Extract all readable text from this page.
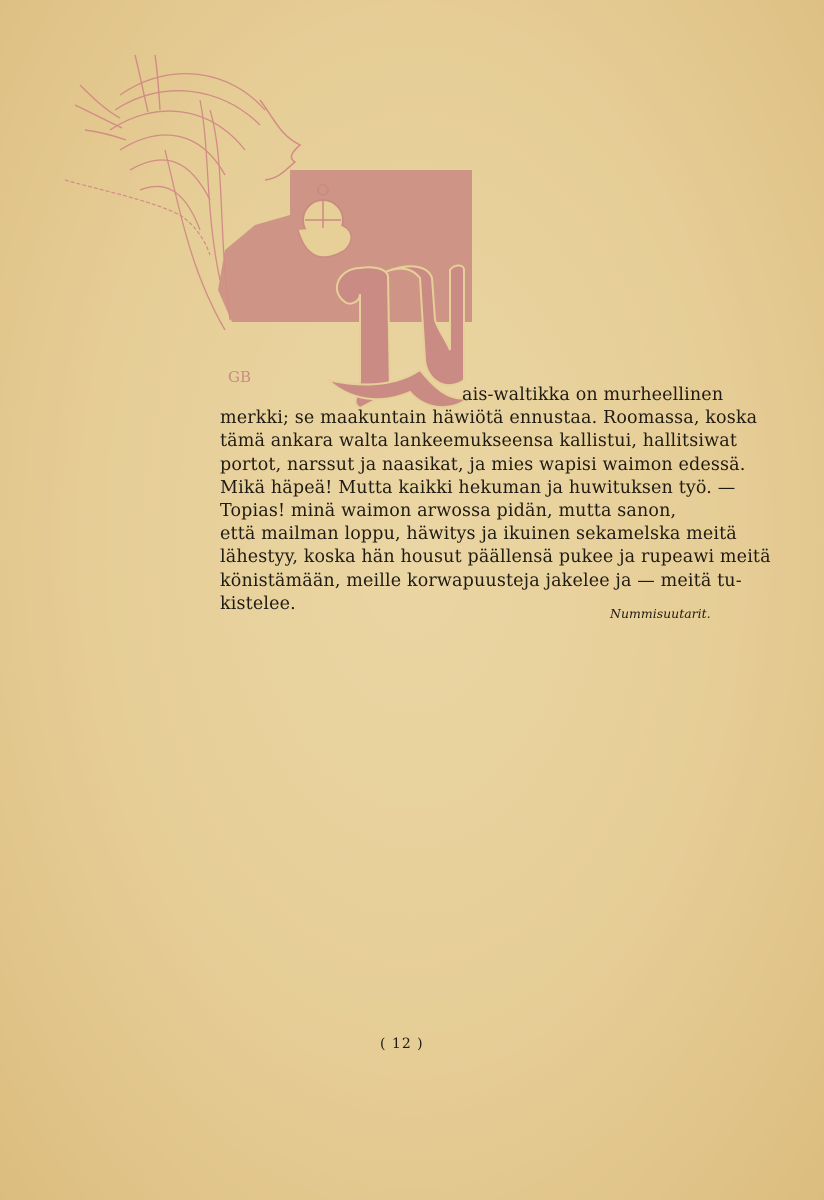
GB
ais-waltikka on murheellinen
merkki; se maakuntain häwiötä ennustaa. Roomassa, koska
tämä ankara walta lankeemukseensa kallistui, hallitsiwat
portot, narssut ja naasikat, ja mies wapisi waimon edessä.
Mikä häpeä! Mutta kaikki hekuman ja huwituksen työ. —
Topias! minä waimon arwossa pidän, mutta sanon,
että mailman loppu, häwitys ja ikuinen sekamelska meitä
lähestyy, koska hän housut päällensä pukee ja rupeawi meitä
könistämään, meille korwapuusteja jakelee ja — meitä tu-
kistelee.	Nummisuutarit.
( 12 )
